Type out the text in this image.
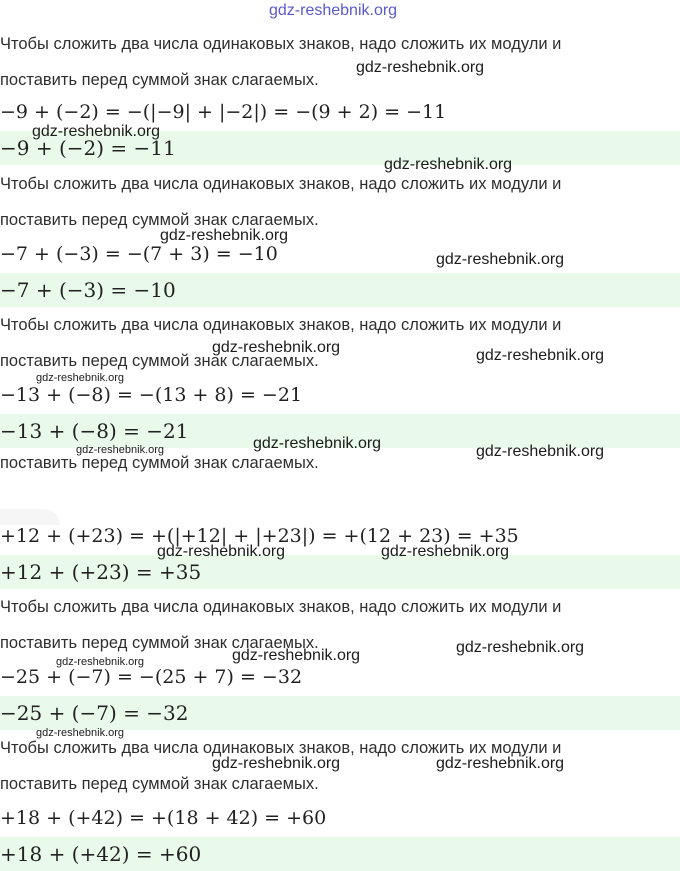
gdz-reshebnik.org
Чтобы сложить два числа одинаковых знаков, надо сложить их модули и
поставить перед суммой знак слагаемых.
−9 + (−2) = −(|−9| + |−2|) = −(9 + 2) = −11
−9 + (−2) = −11
Чтобы сложить два числа одинаковых знаков, надо сложить их модули и
поставить перед суммой знак слагаемых.
−7 + (−3) = −(7 + 3) = −10
−7 + (−3) = −10
Чтобы сложить два числа одинаковых знаков, надо сложить их модули и
поставить перед суммой знак слагаемых.
−13 + (−8) = −(13 + 8) = −21
−13 + (−8) = −21
поставить перед суммой знак слагаемых.
+12 + (+23) = +(|+12| + |+23|) = +(12 + 23) = +35
+12 + (+23) = +35
Чтобы сложить два числа одинаковых знаков, надо сложить их модули и
поставить перед суммой знак слагаемых.
−25 + (−7) = −(25 + 7) = −32
−25 + (−7) = −32
Чтобы сложить два числа одинаковых знаков, надо сложить их модули и
поставить перед суммой знак слагаемых.
+18 + (+42) = +(18 + 42) = +60
+18 + (+42) = +60
gdz-reshebnik.org
gdz-reshebnik.org
gdz-reshebnik.org
gdz-reshebnik.org
gdz-reshebnik.org
gdz-reshebnik.org	gdz-reshebnik.org
gdz-reshebnik.org
gdz-reshebnik.org	gdz-reshebnik.org
gdz-reshebnik.org
gdz-reshebnik.org	gdz-reshebnik.org
gdz-reshebnik.org
gdz-reshebnik.org
gdz-reshebnik.org
gdz-reshebnik.org
gdz-reshebnik.org	gdz-reshebnik.org
